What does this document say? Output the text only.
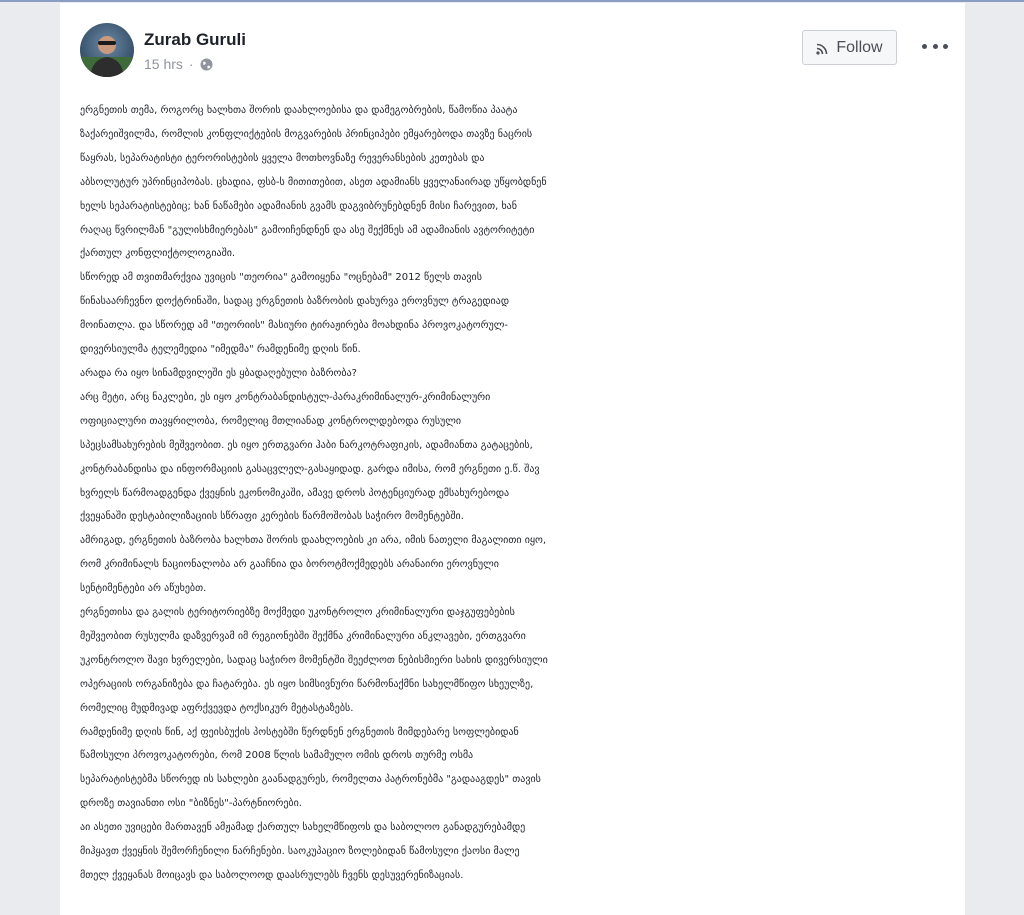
Zurab Guruli
15 hrs ·
Follow

ერგნეთის თემა, როგორც ხალხთა შორის დაახლოებისა და დამეგობრების, წამოწია პაატა

ზაქარეიშვილმა, რომლის კონფლიქტების მოგვარების პრინციპები ემყარებოდა თავზე ნაცრის

წაყრას, სეპარატისტი ტერორისტების ყველა მოთხოვნაზე რევერანსების კეთებას და

აბსოლუტურ უპრინციპობას. ცხადია, ფსბ-ს მითითებით, ასეთ ადამიანს ყველანაირად უწყობდნენ

ხელს სეპარატისტებიც; ხან ნაწამები ადამიანის გვამს დაგვიბრუნებდნენ მისი ჩარევით, ხან

რაღაც წვრილმან "გულისხმიერებას" გამოიჩენდნენ და ასე შექმნეს ამ ადამიანის ავტორიტეტი

ქართულ კონფლიქტოლოგიაში.

სწორედ ამ თვითმარქვია უვიცის "თეორია" გამოიყენა "ოცნებამ" 2012 წელს თავის

წინასაარჩევნო დოქტრინაში, სადაც ერგნეთის ბაზრობის დახურვა ეროვნულ ტრაგედიად

მოინათლა. და სწორედ ამ "თეორიის" მასიური ტირაჟირება მოახდინა პროვოკატორულ-

დივერსიულმა ტელემედია "იმედმა" რამდენიმე დღის წინ.

არადა რა იყო სინამდვილეში ეს ყბადაღებული ბაზრობა?

არც მეტი, არც ნაკლები, ეს იყო კონტრაბანდისტულ-პარაკრიმინალურ-კრიმინალური

ოფიციალური თავყრილობა, რომელიც მთლიანად კონტროლდებოდა რუსული

სპეცსამსახურების მეშვეობით. ეს იყო ერთგვარი ჰაბი ნარკოტრაფიკის, ადამიანთა გატაცების,

კონტრაბანდისა და ინფორმაციის გასაცვლელ-გასაყიდად. გარდა იმისა, რომ ერგნეთი ე.წ. შავ

ხვრელს წარმოადგენდა ქვეყნის ეკონომიკაში, ამავე დროს პოტენციურად ემსახურებოდა

ქვეყანაში დესტაბილიზაციის სწრაფი კერების წარმოშობას საჭირო მომენტებში.

ამრიგად, ერგნეთის ბაზრობა ხალხთა შორის დაახლოების კი არა, იმის ნათელი მაგალითი იყო,

რომ კრიმინალს ნაციონალობა არ გააჩნია და ბოროტმოქმედებს არანაირი ეროვნული

სენტიმენტები არ აწუხებთ.

ერგნეთისა და გალის ტერიტორიებზე მოქმედი უკონტროლო კრიმინალური დაჯგუფებების

მეშვეობით რუსულმა დაზვერვამ იმ რეგიონებში შექმნა კრიმინალური ანკლავები, ერთგვარი

უკონტროლო შავი ხვრელები, სადაც საჭირო მომენტში შეეძლოთ ნებისმიერი სახის დივერსიული

ოპერაციის ორგანიზება და ჩატარება. ეს იყო სიმსივნური წარმონაქმნი სახელმწიფო სხეულზე,

რომელიც მუდმივად აფრქვევდა ტოქსიკურ მეტასტაზებს.

რამდენიმე დღის წინ, აქ ფეისბუქის პოსტებში წერდნენ ერგნეთის მიმდებარე სოფლებიდან

წამოსული პროვოკატორები, რომ 2008 წლის სამამულო ომის დროს თურმე ოსმა

სეპარატისტებმა სწორედ ის სახლები გაანადგურეს, რომელთა პატრონებმა "გადააგდეს" თავის

დროზე თავიანთი ოსი "ბიზნეს"-პარტნიორები.

აი ასეთი უვიცები მართავენ ამჟამად ქართულ სახელმწიფოს და საბოლოო განადგურებამდე

მიჰყავთ ქვეყნის შემორჩენილი ნარჩენები. საოკუპაციო ზოლებიდან წამოსული ქაოსი მალე

მთელ ქვეყანას მოიცავს და საბოლოოდ დაასრულებს ჩვენს დესუვერენიზაციას.
